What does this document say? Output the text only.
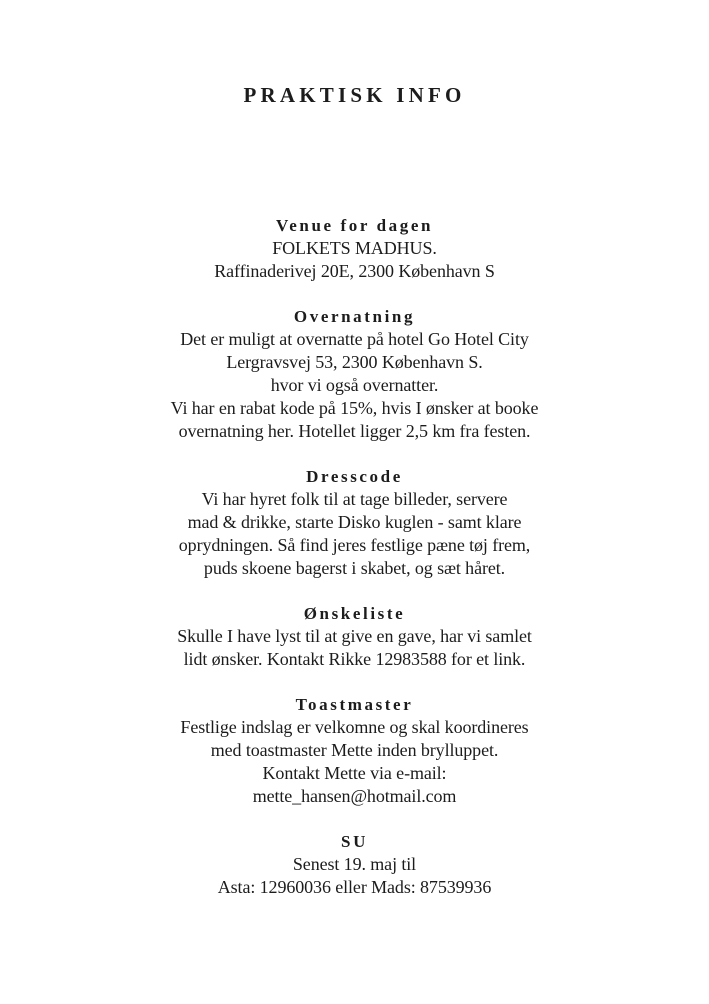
PRAKTISK INFO
Venue for dagen
FOLKETS MADHUS.
Raffinaderivej 20E, 2300 København S
Overnatning
Det er muligt at overnatte på hotel Go Hotel City
Lergravsvej 53, 2300 København S.
hvor vi også overnatter.
Vi har en rabat kode på 15%, hvis I ønsker at booke
overnatning her. Hotellet ligger 2,5 km fra festen.
Dresscode
Vi har hyret folk til at tage billeder, servere
mad & drikke, starte Disko kuglen - samt klare
oprydningen. Så find jeres festlige pæne tøj frem,
puds skoene bagerst i skabet, og sæt håret.
Ønskeliste
Skulle I have lyst til at give en gave, har vi samlet
lidt ønsker. Kontakt Rikke 12983588 for et link.
Toastmaster
Festlige indslag er velkomne og skal koordineres
med toastmaster Mette inden brylluppet.
Kontakt Mette via e-mail:
mette_hansen@hotmail.com
SU
Senest 19. maj til
Asta: 12960036 eller Mads: 87539936
